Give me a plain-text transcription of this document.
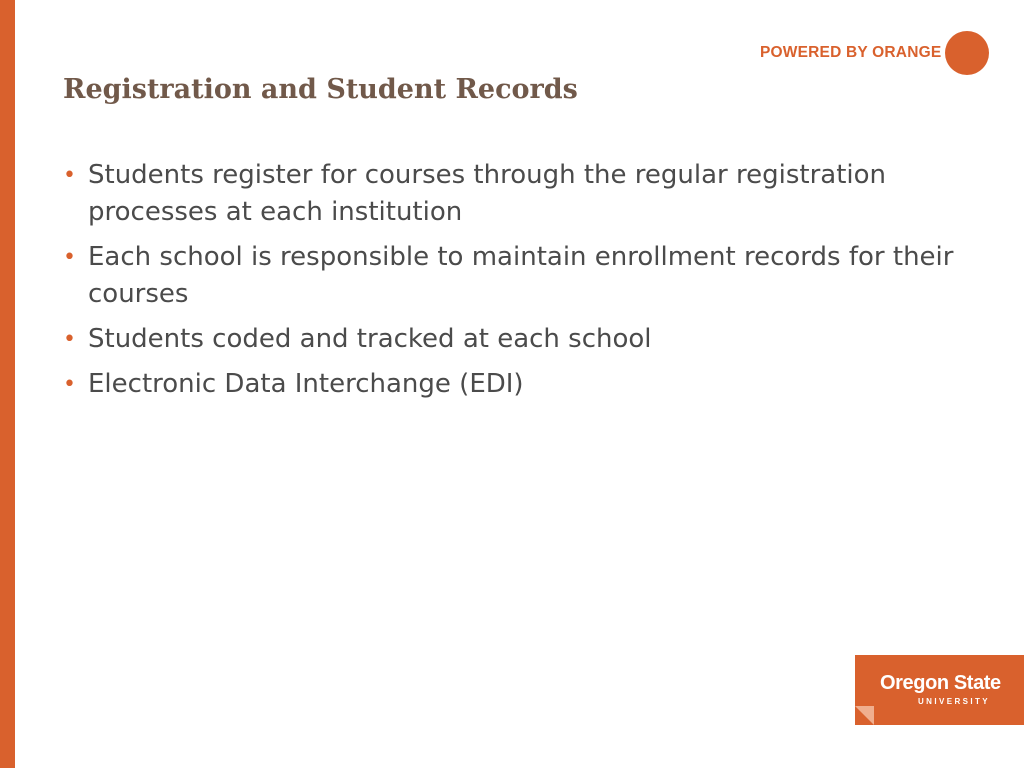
POWERED BY ORANGE
Registration and Student Records
• Students register for courses through the regular registration processes at each institution
• Each school is responsible to maintain enrollment records for their courses
• Students coded and tracked at each school
• Electronic Data Interchange (EDI)
Oregon State
UNIVERSITY
